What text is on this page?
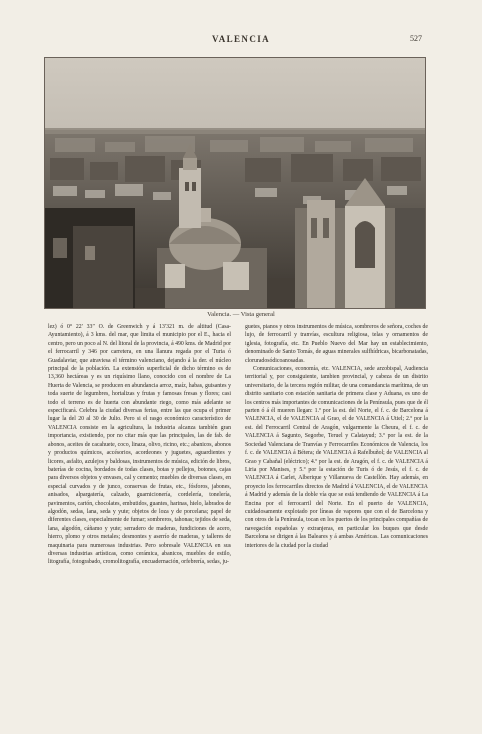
VALENCIA	527
Valencia. — Vista general

lez) ó 0° 22′ 33″ O. de Greenwich y á 13′321 m. de altitud (Casa-Ayuntamiento), á 3 kms. del mar, que limita el municipio por el E., hacia el centro, pero un poco al N. del litoral de la provincia, á 490 kms. de Madrid por el ferrocarril y 346 por carretera, en una llanura regada por el Turia ó Guadalaviar, que atraviesa el término valenciano, dejando á la der. el núcleo principal de la población. La extensión superficial de dicho término es de 13,360 hectáreas y es un riquísimo llano, conocido con el nombre de La Huerta de Valencia, se producen en abundancia arroz, maíz, habas, guisantes y toda suerte de legumbres, hortalizas y frutas y famosas fresas y flores; casi todo el terreno es de huerta con abundante riego, como más adelante se especificará. Celebra la ciudad diversas ferias, entre las que ocupa el primer lugar la del 20 al 30 de Julio. Pero si el rasgo económico característico de VALENCIA consiste en la agricultura, la industria alcanza también gran importancia, existiendo, por no citar más que las principales, las de fab. de abonos, aceites de cacahuete, coco, linaza, olivo, ricino, etc.; abanicos, abonos y productos químicos, accésorios, acordeones y juguetes, aguardientes y licores, asfalto, azulejos y baldosas, instrumentos de música, edición de libros, baterías de cocina, bordados de todas clases, botas y pellejos, botones, cajas para diversos objetos y envases, cal y cemento; muebles de diversas clases, en especial curvados y de junco, conservas de frutas, etc., fósforos, jabones, anisados, alpargatería, calzado, guarnicionería, cordelería, tonelería, pavimentos, cartón, chocolates, embutidos, guantes, harinas, hielo, labrados de algodón, sedas, lana, seda y yute; objetos de loza y de porcelana; papel de diferentes clases, especialmente de fumar; sombreros, tahonas; tejidos de seda, lana, algodón, cáñamo y yute; serradero de maderas, fundiciones de acero, hierro, plomo y otros metales; desmontes y aserrío de maderas, y talleres de maquinaria para numerosas industrias. Pero sobresale VALENCIA en sus diversas industrias artísticas, como cerámica, abanicos, muebles de estilo, litografía, fotograbado, cromolitografía, encuadernación, orfebrería, sedas, ju-

guetes, pianos y otros instrumentos de música, sombreros de señora, coches de lujo, de ferrocarril y tranvías, escultura religiosa, telas y ornamentos de iglesia, fotografía, etc. En Pueblo Nuevo del Mar hay un establecimiento, denominado de Santo Tomás, de aguas minerales sulfhídricas, bicarbonatadas, cloruradosódicoanosadas.

Comunicaciones, economía, etc. VALENCIA, sede arzobispal, Audiencia territorial y, por consiguiente, tambien provincial, y cabeza de un distrito universitario, de la tercera región militar, de una comandancia marítima, de un distrito sanitario con estación sanitaria de primera clase y Aduana, es uno de los centros más importantes de comunicaciones de la Península, pues que de él parten ó á él mueren llegan: 1.º por la est. del Norte, el f. c. de Barcelona á VALENCIA, el de VALENCIA al Grao, el de VALENCIA á Utiel; 2.º por la est. del Ferrocarril Central de Aragón, vulgarmente la Cheura, el f. c. de VALENCIA á Sagunto, Segorbe, Teruel y Calatayud; 3.º por la est. de la Sociedad Valenciana de Tranvías y Ferrocarriles Económicos de Valencia, los f. c. de VALENCIA á Bétera; de VALENCIA á Rafelbuñol; de VALENCIA al Grao y Cabañal (eléctrico); 4.º por la est. de Aragón, el f. c. de VALENCIA á Liria por Manises, y 5.º por la estación de Turis ó de Jesús, el f. c. de VALENCIA á Carlet, Alberique y Villanueva de Castellón. Hay además, en proyecto los ferrocarriles directos de Madrid á VALENCIA, el de VALENCIA á Madrid y además de la doble vía que se está tendiendo de VALENCIA á La Encina por el ferrocarril del Norte. En el puerto de VALENCIA, cuidadosamente explotado por líneas de vapores que con el de Barcelona y con otros de la Península, tocan en los puertos de los principales compañías de navegación españolas y extranjeras, en particular los buques que desde Barcelona se dirigen á las Baleares y á ambas Américas. Las comunicaciones interiores de la ciudad por la ciudad
